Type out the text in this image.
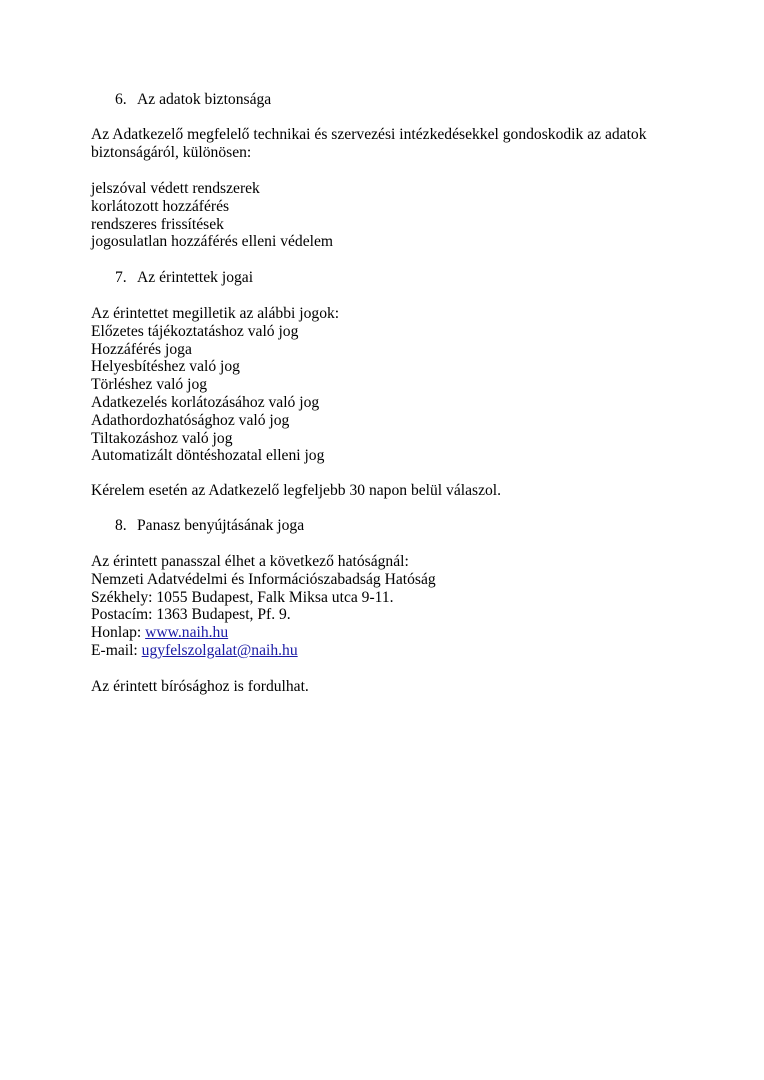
6. Az adatok biztonsága
Az Adatkezelő megfelelő technikai és szervezési intézkedésekkel gondoskodik az adatok
biztonságáról, különösen:
jelszóval védett rendszerek
korlátozott hozzáférés
rendszeres frissítések
jogosulatlan hozzáférés elleni védelem
7. Az érintettek jogai
Az érintettet megilletik az alábbi jogok:
Előzetes tájékoztatáshoz való jog
Hozzáférés joga
Helyesbítéshez való jog
Törléshez való jog
Adatkezelés korlátozásához való jog
Adathordozhatósághoz való jog
Tiltakozáshoz való jog
Automatizált döntéshozatal elleni jog
Kérelem esetén az Adatkezelő legfeljebb 30 napon belül válaszol.
8. Panasz benyújtásának joga
Az érintett panasszal élhet a következő hatóságnál:
Nemzeti Adatvédelmi és Információszabadság Hatóság
Székhely: 1055 Budapest, Falk Miksa utca 9-11.
Postacím: 1363 Budapest, Pf. 9.
Honlap: www.naih.hu
E-mail: ugyfelszolgalat@naih.hu
Az érintett bírósághoz is fordulhat.
